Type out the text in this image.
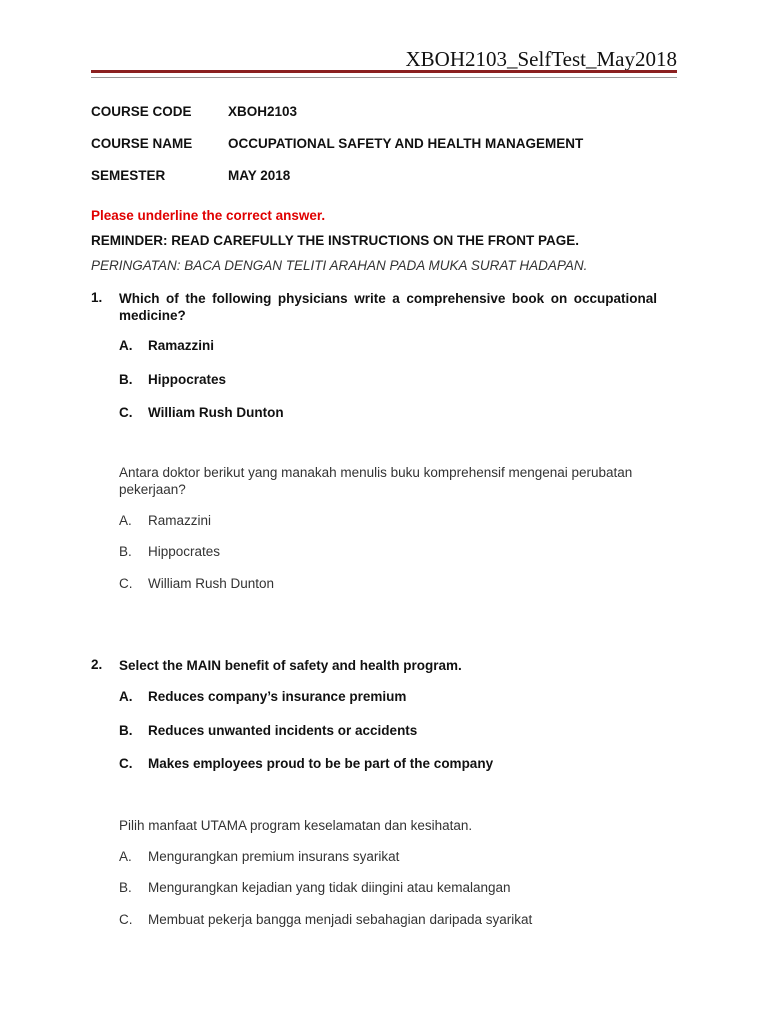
XBOH2103_SelfTest_May2018
COURSE CODE	XBOH2103
COURSE NAME	OCCUPATIONAL SAFETY AND HEALTH MANAGEMENT
SEMESTER	MAY 2018
Please underline the correct answer.
REMINDER: READ CAREFULLY THE INSTRUCTIONS ON THE FRONT PAGE.
PERINGATAN: BACA DENGAN TELITI ARAHAN PADA MUKA SURAT HADAPAN.
1. Which of the following physicians write a comprehensive book on occupational medicine?
A. Ramazzini
B. Hippocrates
C. William Rush Dunton
Antara doktor berikut yang manakah menulis buku komprehensif mengenai perubatan pekerjaan?
A. Ramazzini
B. Hippocrates
C. William Rush Dunton
2. Select the MAIN benefit of safety and health program.
A. Reduces company’s insurance premium
B. Reduces unwanted incidents or accidents
C. Makes employees proud to be be part of the company
Pilih manfaat UTAMA program keselamatan dan kesihatan.
A. Mengurangkan premium insurans syarikat
B. Mengurangkan kejadian yang tidak diingini atau kemalangan
C. Membuat pekerja bangga menjadi sebahagian daripada syarikat
